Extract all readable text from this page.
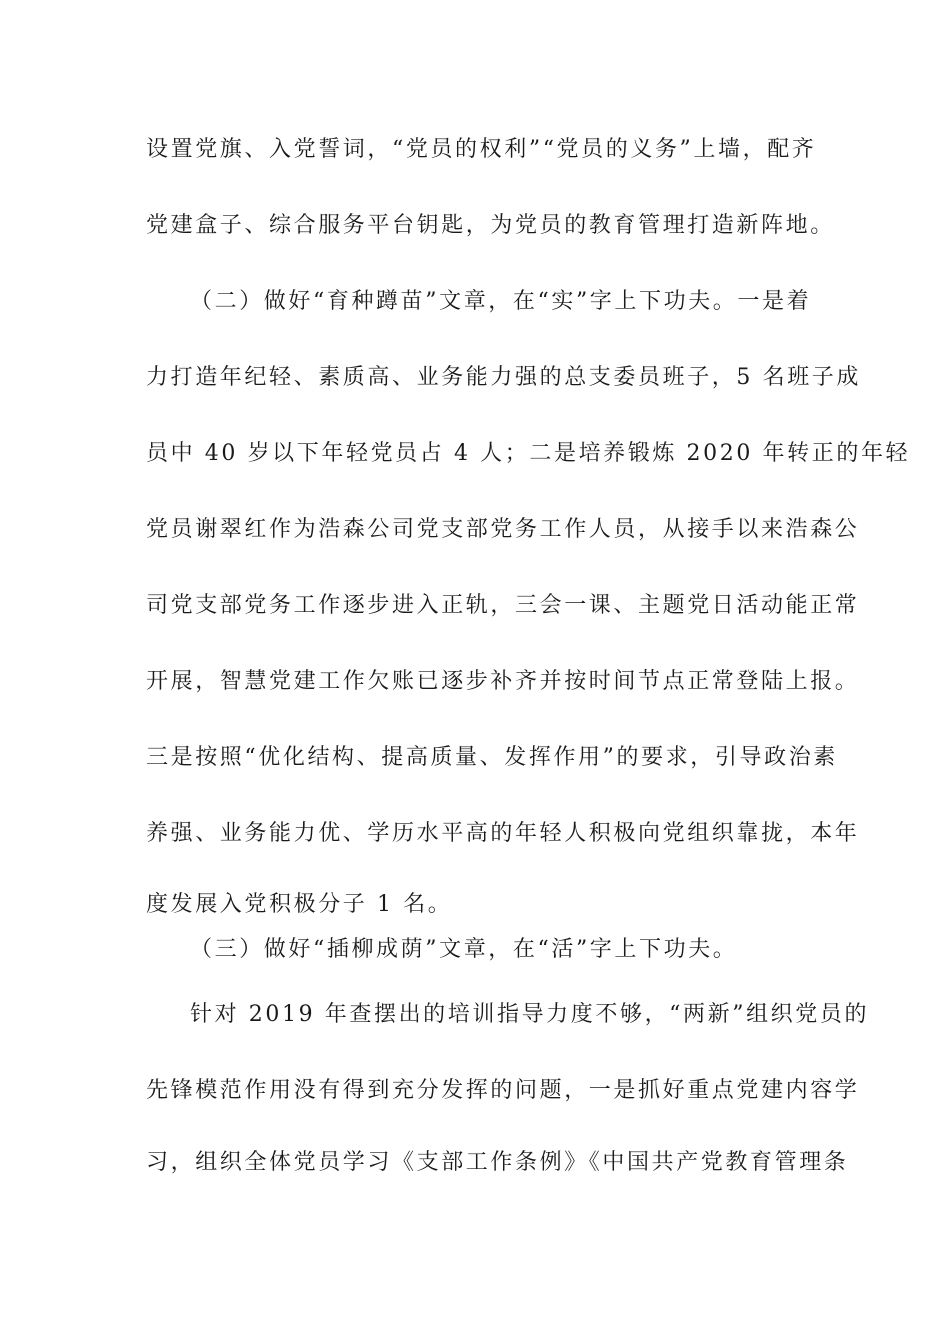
设置党旗、入党誓词，“党员的权利”“党员的义务”上墙，配齐
党建盒子、综合服务平台钥匙，为党员的教育管理打造新阵地。
（二）做好“育种蹲苗”文章，在“实”字上下功夫。一是着
力打造年纪轻、素质高、业务能力强的总支委员班子，5 名班子成
员中 40 岁以下年轻党员占 4 人；二是培养锻炼 2020 年转正的年轻
党员谢翠红作为浩森公司党支部党务工作人员，从接手以来浩森公
司党支部党务工作逐步进入正轨，三会一课、主题党日活动能正常
开展，智慧党建工作欠账已逐步补齐并按时间节点正常登陆上报。
三是按照“优化结构、提高质量、发挥作用”的要求，引导政治素
养强、业务能力优、学历水平高的年轻人积极向党组织靠拢，本年
度发展入党积极分子 1 名。
（三）做好“插柳成荫”文章，在“活”字上下功夫。
针对 2019 年查摆出的培训指导力度不够，“两新”组织党员的
先锋模范作用没有得到充分发挥的问题，一是抓好重点党建内容学
习，组织全体党员学习《支部工作条例》《中国共产党教育管理条
